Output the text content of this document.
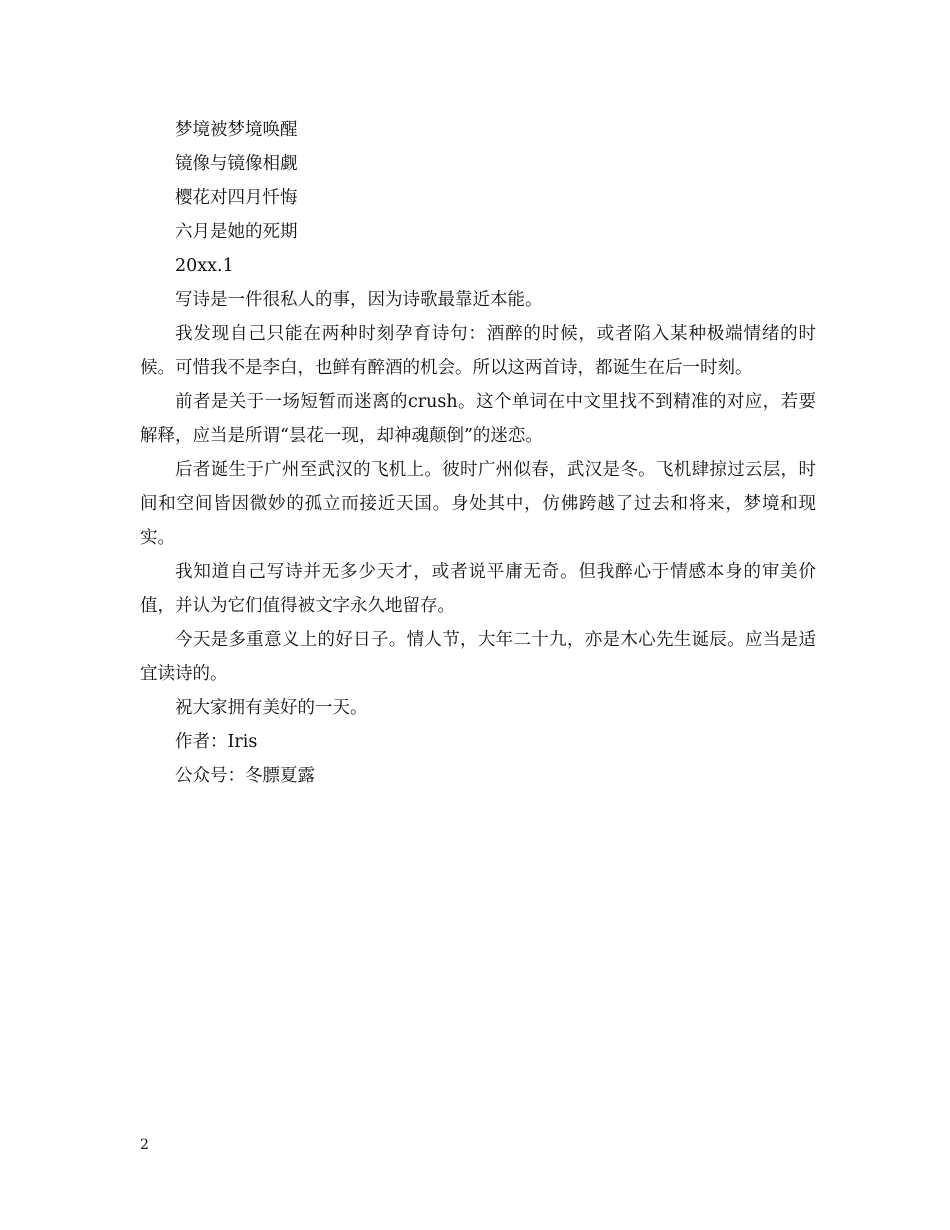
梦境被梦境唤醒

镜像与镜像相觑

樱花对四月忏悔

六月是她的死期

20xx.1

写诗是一件很私人的事，因为诗歌最靠近本能。

我发现自己只能在两种时刻孕育诗句：酒醉的时候，或者陷入某种极端情绪的时候。可惜我不是李白，也鲜有醉酒的机会。所以这两首诗，都诞生在后一时刻。

前者是关于一场短暂而迷离的crush。这个单词在中文里找不到精准的对应，若要解释，应当是所谓“昙花一现，却神魂颠倒”的迷恋。

后者诞生于广州至武汉的飞机上。彼时广州似春，武汉是冬。飞机肆掠过云层，时间和空间皆因微妙的孤立而接近天国。身处其中，仿佛跨越了过去和将来，梦境和现实。

我知道自己写诗并无多少天才，或者说平庸无奇。但我醉心于情感本身的审美价值，并认为它们值得被文字永久地留存。

今天是多重意义上的好日子。情人节，大年二十九，亦是木心先生诞辰。应当是适宜读诗的。

祝大家拥有美好的一天。

作者：Iris

公众号：冬膘夏露

2
